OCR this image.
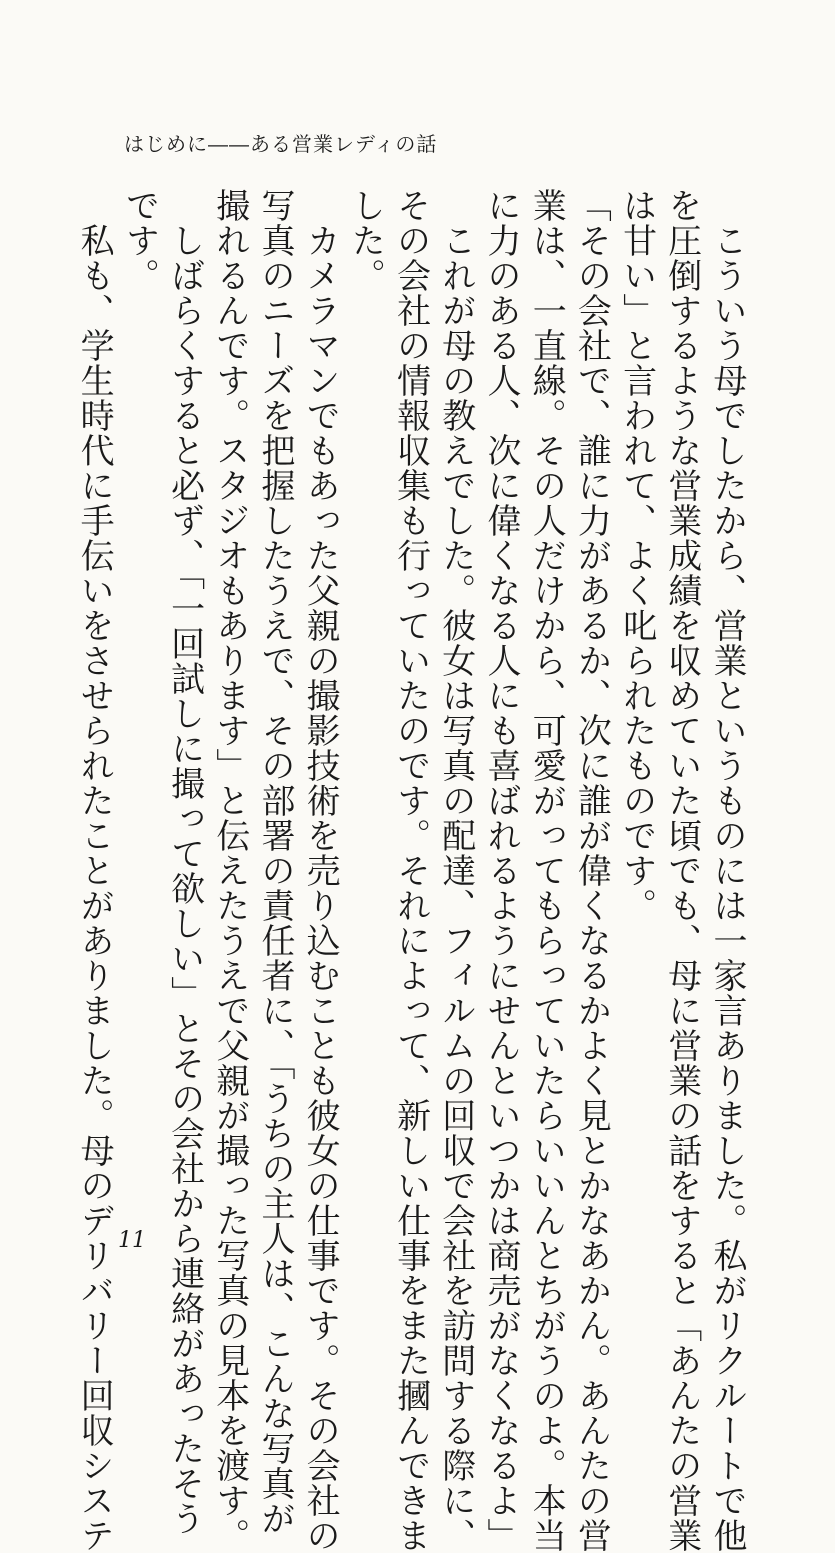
はじめに――ある営業レディの話

　こういう母でしたから、営業というものには一家言ありました。私がリクルートで他

を圧倒するような営業成績を収めていた頃でも、母に営業の話をすると「あんたの営業

は甘い」と言われて、よく叱られたものです。

「その会社で、誰に力があるか、次に誰が偉くなるかよく見とかなあかん。あんたの営

業は、一直線。その人だけから、可愛がってもらっていたらいいんとちがうのよ。本当

に力のある人、次に偉くなる人にも喜ばれるようにせんといつかは商売がなくなるよ」

　これが母の教えでした。彼女は写真の配達、フィルムの回収で会社を訪問する際に、

その会社の情報収集も行っていたのです。それによって、新しい仕事をまた摑んできま

した。

　カメラマンでもあった父親の撮影技術を売り込むことも彼女の仕事です。その会社の

写真のニーズを把握したうえで、その部署の責任者に、「うちの主人は、こんな写真が

撮れるんです。スタジオもあります」と伝えたうえで父親が撮った写真の見本を渡す。

　しばらくすると必ず、「一回試しに撮って欲しい」とその会社から連絡があったそう

です。

　私も、学生時代に手伝いをさせられたことがありました。母のデリバリー回収システ 11
